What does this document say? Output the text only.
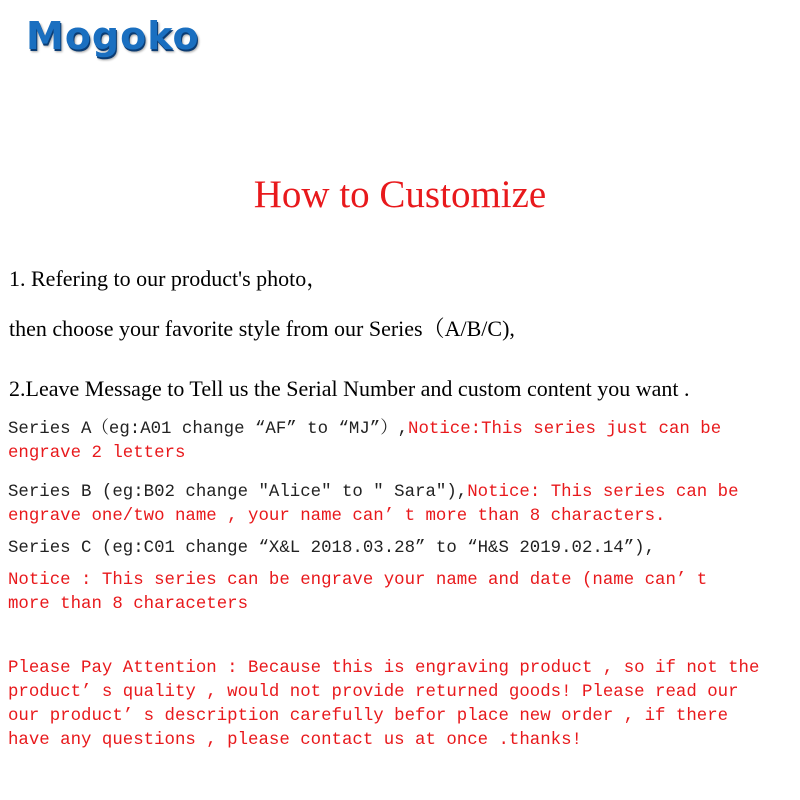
Mogoko
How to Customize
1. Refering to our product's photo，
then choose your favorite style from our Series（A/B/C),
2.Leave Message to Tell us the Serial Number and custom content you want .
Series A（eg:A01 change “AF” to “MJ”）,Notice:This series just can be
engrave 2 letters
Series B (eg:B02 change ″Alice″ to ″ Sara″),Notice: This series can be
engrave one/two name , your name can’ t more than 8 characters.
Series C (eg:C01 change “X&L 2018.03.28” to “H&S 2019.02.14”),
Notice : This series can be engrave your name and date (name can’ t
more than 8 characeters
Please Pay Attention : Because this is engraving product , so if not the
product’ s quality , would not provide returned goods! Please read our
our product’ s description carefully befor place new order , if there
have any questions , please contact us at once .thanks!
